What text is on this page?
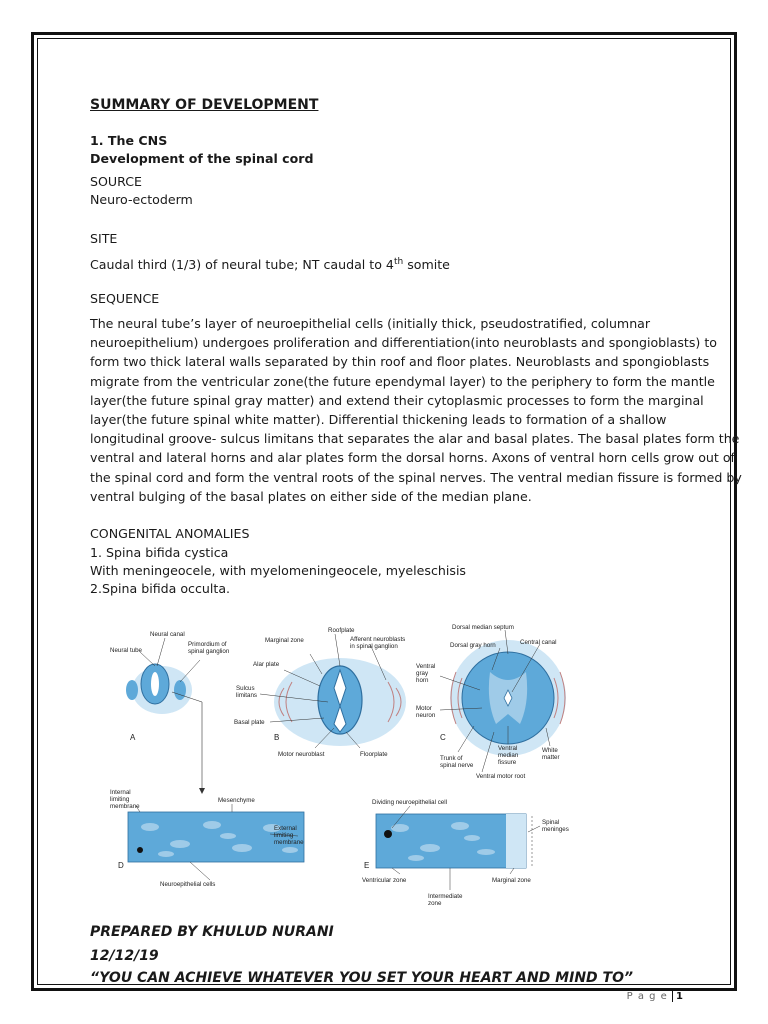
SUMMARY OF DEVELOPMENT
1. The CNS
Development of the spinal cord
SOURCE
Neuro-ectoderm
SITE
Caudal third (1/3) of neural tube; NT caudal to 4th somite
SEQUENCE
The neural tube’s layer of neuroepithelial cells (initially thick, pseudostratified, columnar
neuroepithelium) undergoes proliferation and differentiation(into neuroblasts and spongioblasts) to
form two thick lateral walls separated by thin roof and floor plates. Neuroblasts and spongioblasts
migrate from the ventricular zone(the future ependymal layer) to the periphery to form the mantle
layer(the future spinal gray matter) and extend their cytoplasmic processes to form the marginal
layer(the future spinal white matter). Differential thickening leads to formation of a shallow
longitudinal groove- sulcus limitans that separates the alar and basal plates. The basal plates form the
ventral and lateral horns and alar plates form the dorsal horns. Axons of ventral horn cells grow out of
the spinal cord and form the ventral roots of the spinal nerves. The ventral median fissure is formed by
ventral bulging of the basal plates on either side of the median plane.
CONGENITAL ANOMALIES
1. Spina bifida cystica
With meningeocele, with myelomeningeocele, myeleschisis
2.Spina bifida occulta.
Neural canal
Neural tube
Primordium of
spinal ganglion
A
Roofplate
Marginal zone	Afferent neuroblasts
in spinal ganglion
Alar plate
Sulcus
limitans
Basal plate
Motor neuroblast	Floorplate
B
Dorsal median septum
Dorsal gray horn	Central canal
Ventral
gray
horn
Motor
neuron
Trunk of
spinal nerve
Ventral
median
fissure
White
matter
Ventral motor root
C
Internal
limiting
membrane
Mesenchyme
External
limiting
membrane
Neuroepithelial cells
D
Dividing neuroepithelial cell
Spinal
meninges
Ventricular zone	Marginal zone
Intermediate
zone
E
PREPARED BY KHULUD NURANI
12/12/19
“YOU CAN ACHIEVE WHATEVER YOU SET YOUR HEART AND MIND TO”
P a g e 1
